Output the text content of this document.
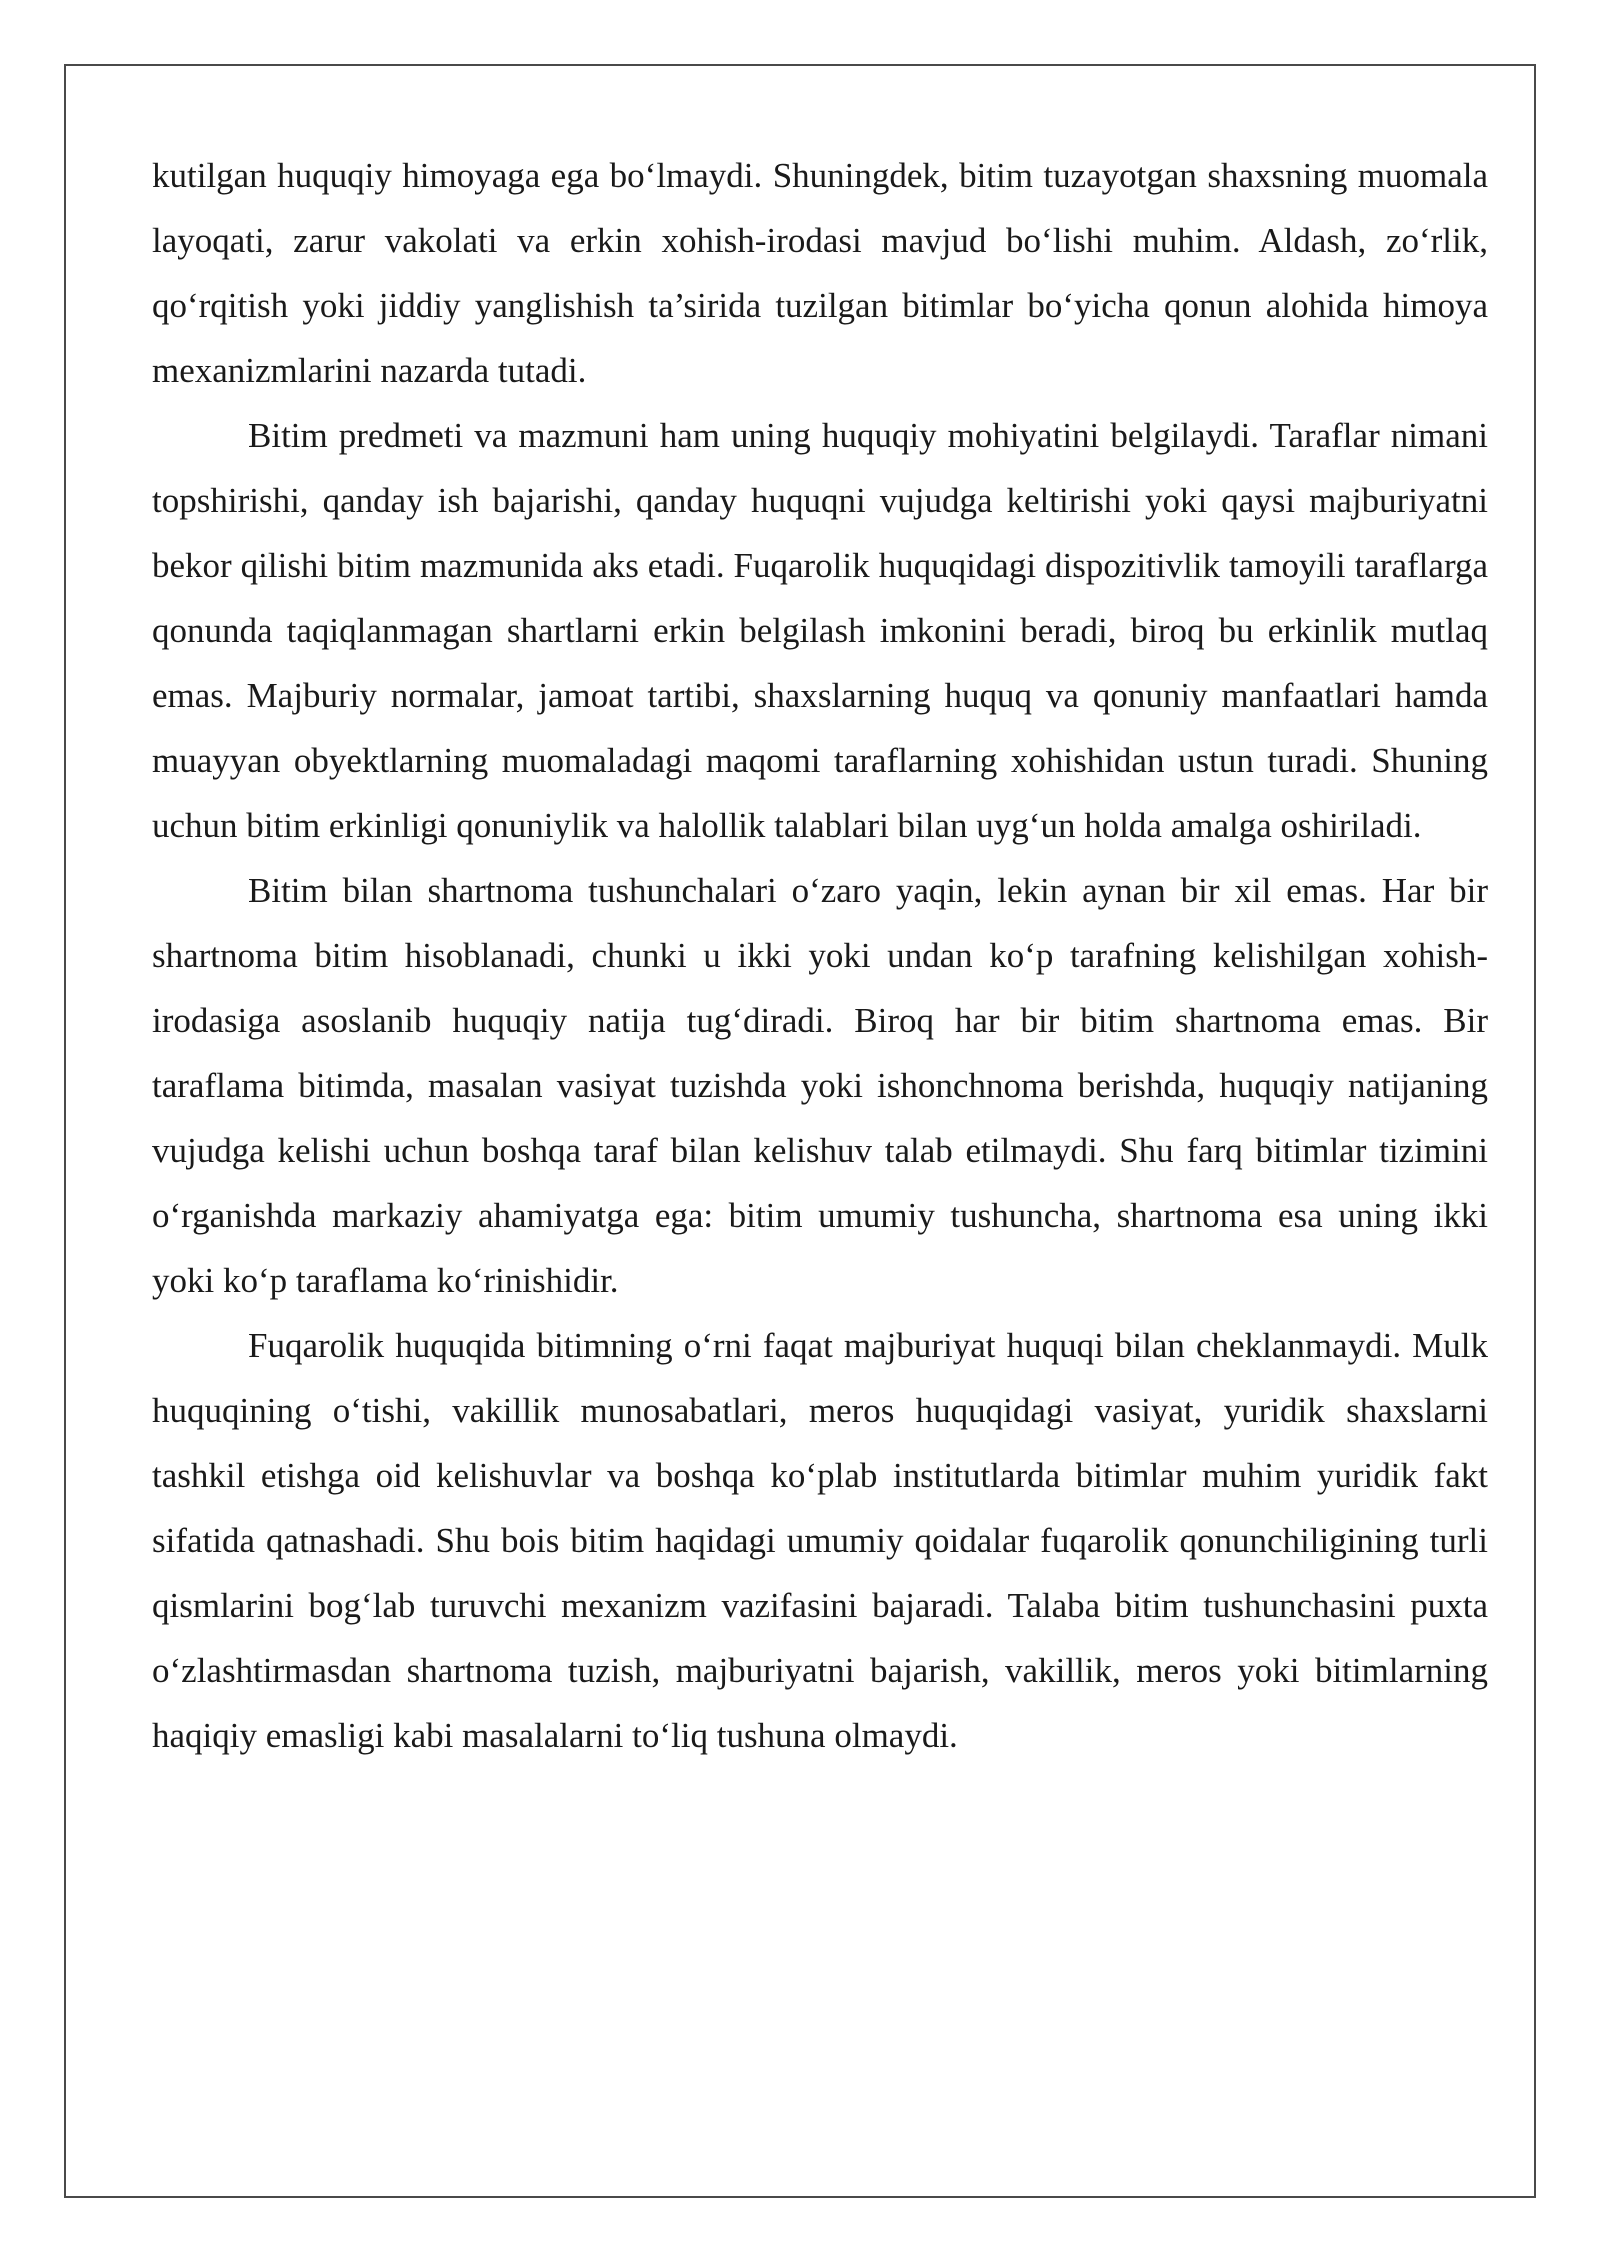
kutilgan huquqiy himoyaga ega bo‘lmaydi. Shuningdek, bitim tuzayotgan shaxsning muomala layoqati, zarur vakolati va erkin xohish-irodasi mavjud bo‘lishi muhim. Aldash, zo‘rlik, qo‘rqitish yoki jiddiy yanglishish ta’sirida tuzilgan bitimlar bo‘yicha qonun alohida himoya mexanizmlarini nazarda tutadi.

Bitim predmeti va mazmuni ham uning huquqiy mohiyatini belgilaydi. Taraflar nimani topshirishi, qanday ish bajarishi, qanday huquqni vujudga keltirishi yoki qaysi majburiyatni bekor qilishi bitim mazmunida aks etadi. Fuqarolik huquqidagi dispozitivlik tamoyili taraflarga qonunda taqiqlanmagan shartlarni erkin belgilash imkonini beradi, biroq bu erkinlik mutlaq emas. Majburiy normalar, jamoat tartibi, shaxslarning huquq va qonuniy manfaatlari hamda muayyan obyektlarning muomaladagi maqomi taraflarning xohishidan ustun turadi. Shuning uchun bitim erkinligi qonuniylik va halollik talablari bilan uyg‘un holda amalga oshiriladi.

Bitim bilan shartnoma tushunchalari o‘zaro yaqin, lekin aynan bir xil emas. Har bir shartnoma bitim hisoblanadi, chunki u ikki yoki undan ko‘p tarafning kelishilgan xohish-irodasiga asoslanib huquqiy natija tug‘diradi. Biroq har bir bitim shartnoma emas. Bir taraflama bitimda, masalan vasiyat tuzishda yoki ishonchnoma berishda, huquqiy natijaning vujudga kelishi uchun boshqa taraf bilan kelishuv talab etilmaydi. Shu farq bitimlar tizimini o‘rganishda markaziy ahamiyatga ega: bitim umumiy tushuncha, shartnoma esa uning ikki yoki ko‘p taraflama ko‘rinishidir.

Fuqarolik huquqida bitimning o‘rni faqat majburiyat huquqi bilan cheklanmaydi. Mulk huquqining o‘tishi, vakillik munosabatlari, meros huquqidagi vasiyat, yuridik shaxslarni tashkil etishga oid kelishuvlar va boshqa ko‘plab institutlarda bitimlar muhim yuridik fakt sifatida qatnashadi. Shu bois bitim haqidagi umumiy qoidalar fuqarolik qonunchiligining turli qismlarini bog‘lab turuvchi mexanizm vazifasini bajaradi. Talaba bitim tushunchasini puxta o‘zlashtirmasdan shartnoma tuzish, majburiyatni bajarish, vakillik, meros yoki bitimlarning haqiqiy emasligi kabi masalalarni to‘liq tushuna olmaydi.
